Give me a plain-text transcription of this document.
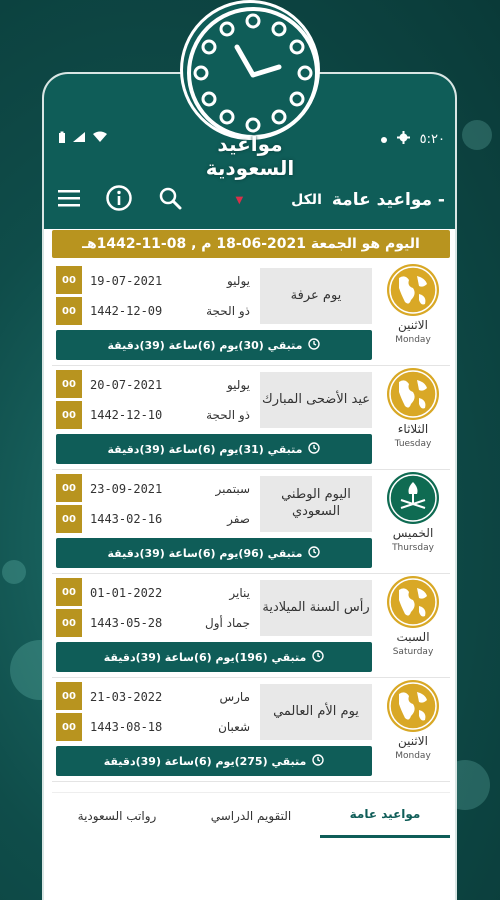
مواعيد السعودية
٥:٢٠
▼	الكل مواعيد عامة -
اليوم هو الجمعة 2021-06-18 م , 08-11-1442هـ
00
00
19-07-2021	يوليو
1442-12-09	ذو الحجة
يوم عرفة
الاثنين
Monday
متبقي (30)يوم (6)ساعة (39)دقيقة
00
00
20-07-2021	يوليو
1442-12-10	ذو الحجة
عيد الأضحى المبارك
الثلاثاء
Tuesday
متبقي (31)يوم (6)ساعة (39)دقيقة
00
00
23-09-2021	سبتمبر
1443-02-16	صفر
اليوم الوطني السعودي
الخميس
Thursday
متبقي (96)يوم (6)ساعة (39)دقيقة
00
00
01-01-2022	يناير
1443-05-28	جماد أول
رأس السنة الميلادية
السبت
Saturday
متبقي (196)يوم (6)ساعة (39)دقيقة
00
00
21-03-2022	مارس
1443-08-18	شعبان
يوم الأم العالمي
الاثنين
Monday
متبقي (275)يوم (6)ساعة (39)دقيقة
رواتب السعودية	التقويم الدراسي	مواعيد عامة
